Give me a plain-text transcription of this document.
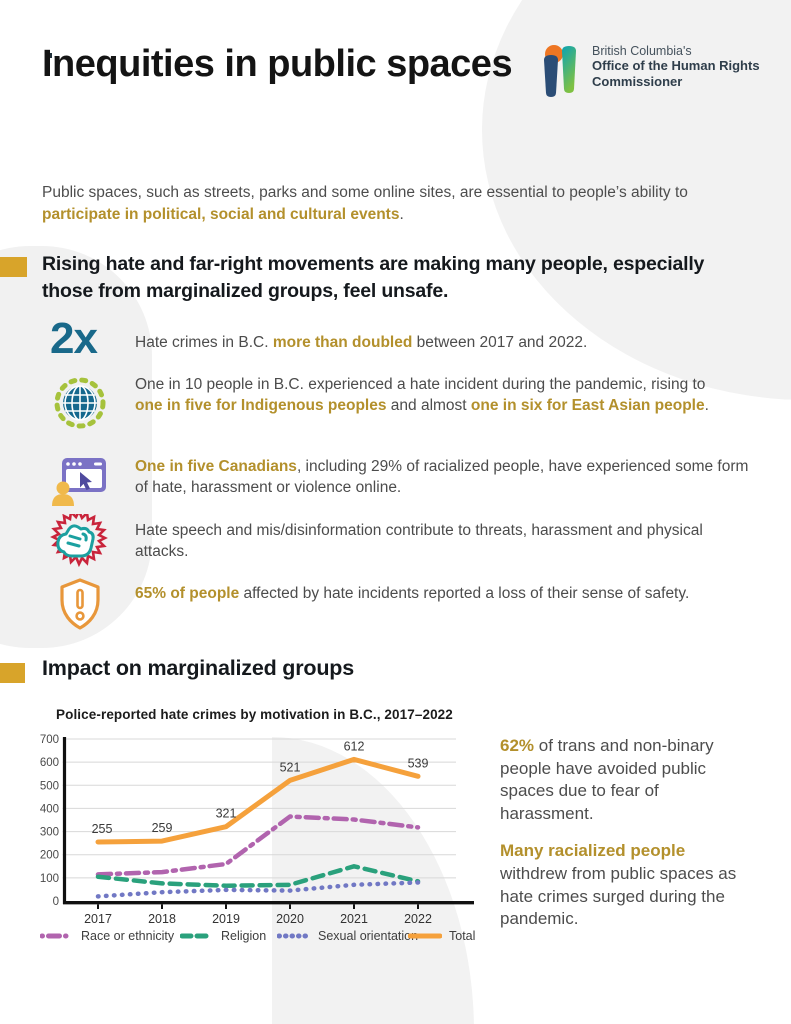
Inequities in public spaces	British Columbia's
Office of the Human Rights
Commissioner

Public spaces, such as streets, parks and some online sites, are essential to people’s ability to participate in political, social and cultural events.

Rising hate and far-right movements are making many people, especially those from marginalized groups, feel unsafe.
2x Hate crimes in B.C. more than doubled between 2017 and 2022.

One in 10 people in B.C. experienced a hate incident during the pandemic, rising to one in five for Indigenous peoples and almost one in six for East Asian people.

One in five Canadians, including 29% of racialized people, have experienced some form of hate, harassment or violence online.

Hate speech and mis/disinformation contribute to threats, harassment and physical attacks.

65% of people affected by hate incidents reported a loss of their sense of safety.

Impact on marginalized groups
Police-reported hate crimes by motivation in B.C., 2017–2022
0
100
200
300
400
500
600
700
2017	2018	2019	2020	2021	2022
255	259
321
521
612
539
Race or ethnicity	Religion	Sexual orientation Total

62% of trans and non-binary people have avoided public spaces due to fear of harassment.

Many racialized people withdrew from public spaces as hate crimes surged during the pandemic.
